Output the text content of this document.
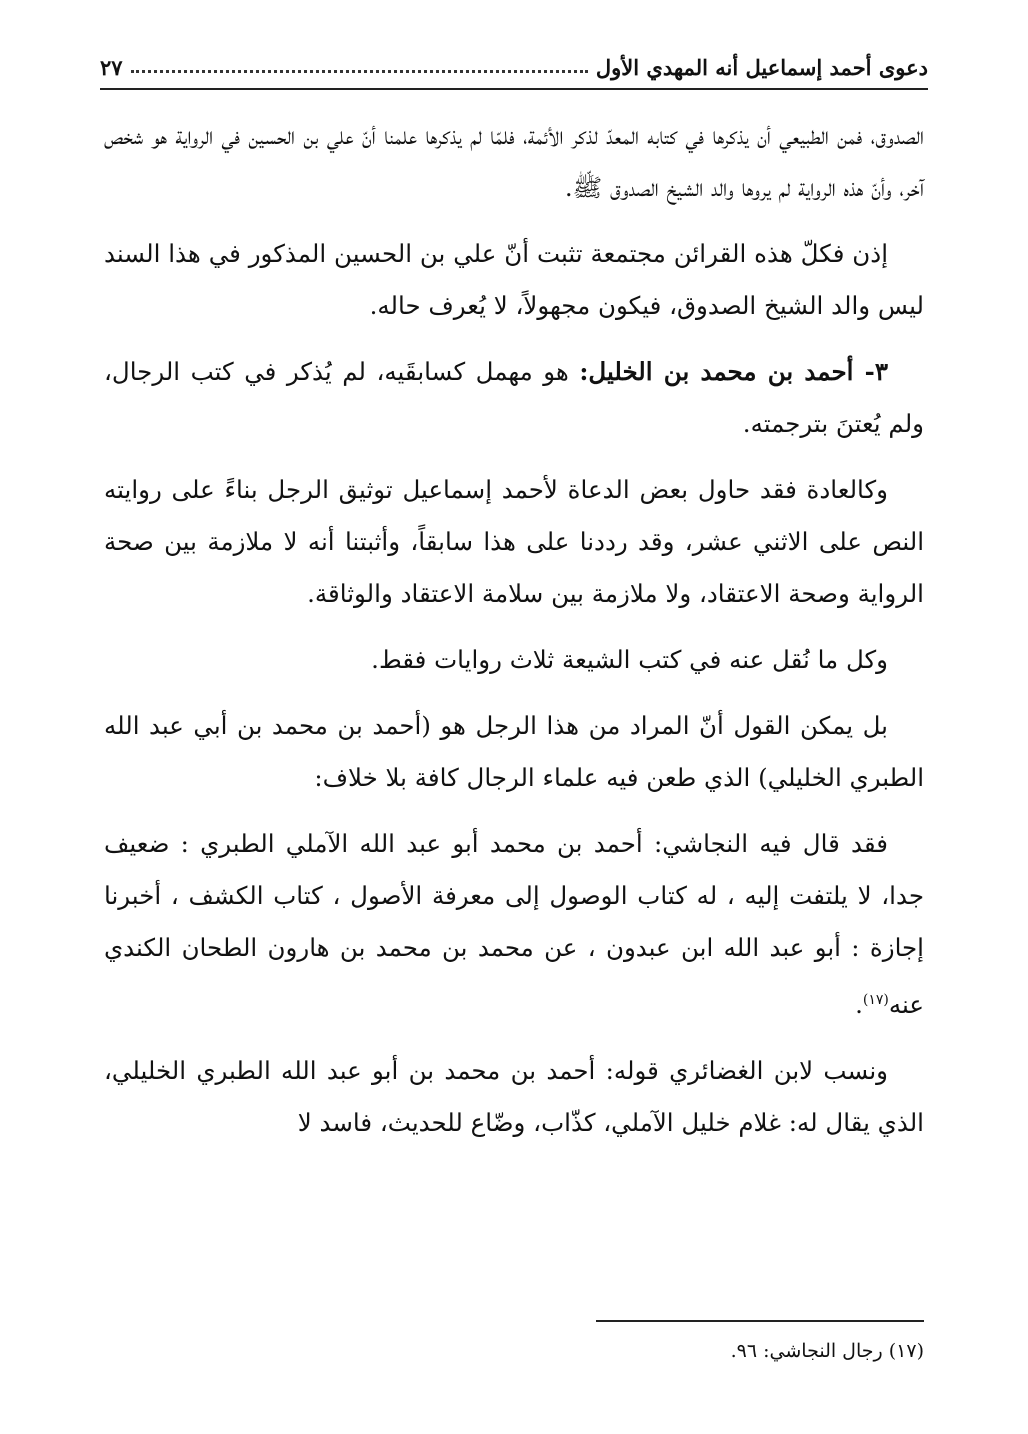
دعوى أحمد إسماعيل أنه المهدي الأول
٢٧

الصدوق، فمن الطبيعي أن يذكرها في كتابه المعدّ لذكر الأئمة، فلمّا لم يذكرها علمنا أنّ علي بن الحسين في الرواية هو شخص آخر، وأنّ هذه الرواية لم يروها والد الشيخ الصدوق ﷺ.

إذن فكلّ هذه القرائن مجتمعة تثبت أنّ علي بن الحسين المذكور في هذا السند ليس والد الشيخ الصدوق، فيكون مجهولاً، لا يُعرف حاله.

٣- أحمد بن محمد بن الخليل: هو مهمل كسابقَيه، لم يُذكر في كتب الرجال، ولم يُعتنَ بترجمته.

وكالعادة فقد حاول بعض الدعاة لأحمد إسماعيل توثيق الرجل بناءً على روايته النص على الاثني عشر، وقد رددنا على هذا سابقاً، وأثبتنا أنه لا ملازمة بين صحة الرواية وصحة الاعتقاد، ولا ملازمة بين سلامة الاعتقاد والوثاقة.

وكل ما نُقل عنه في كتب الشيعة ثلاث روايات فقط.

بل يمكن القول أنّ المراد من هذا الرجل هو (أحمد بن محمد بن أبي عبد الله الطبري الخليلي) الذي طعن فيه علماء الرجال كافة بلا خلاف:

فقد قال فيه النجاشي: أحمد بن محمد أبو عبد الله الآملي الطبري : ضعيف جدا، لا يلتفت إليه ، له كتاب الوصول إلى معرفة الأصول ، كتاب الكشف ، أخبرنا إجازة : أبو عبد الله ابن عبدون ، عن محمد بن محمد بن هارون الطحان الكندي عنه$^{(١٧)}$.

ونسب لابن الغضائري قوله: أحمد بن محمد بن أبو عبد الله الطبري الخليلي، الذي يقال له: غلام خليل الآملي، كذّاب، وضّاع للحديث، فاسد لا

(١٧) رجال النجاشي: ٩٦.
